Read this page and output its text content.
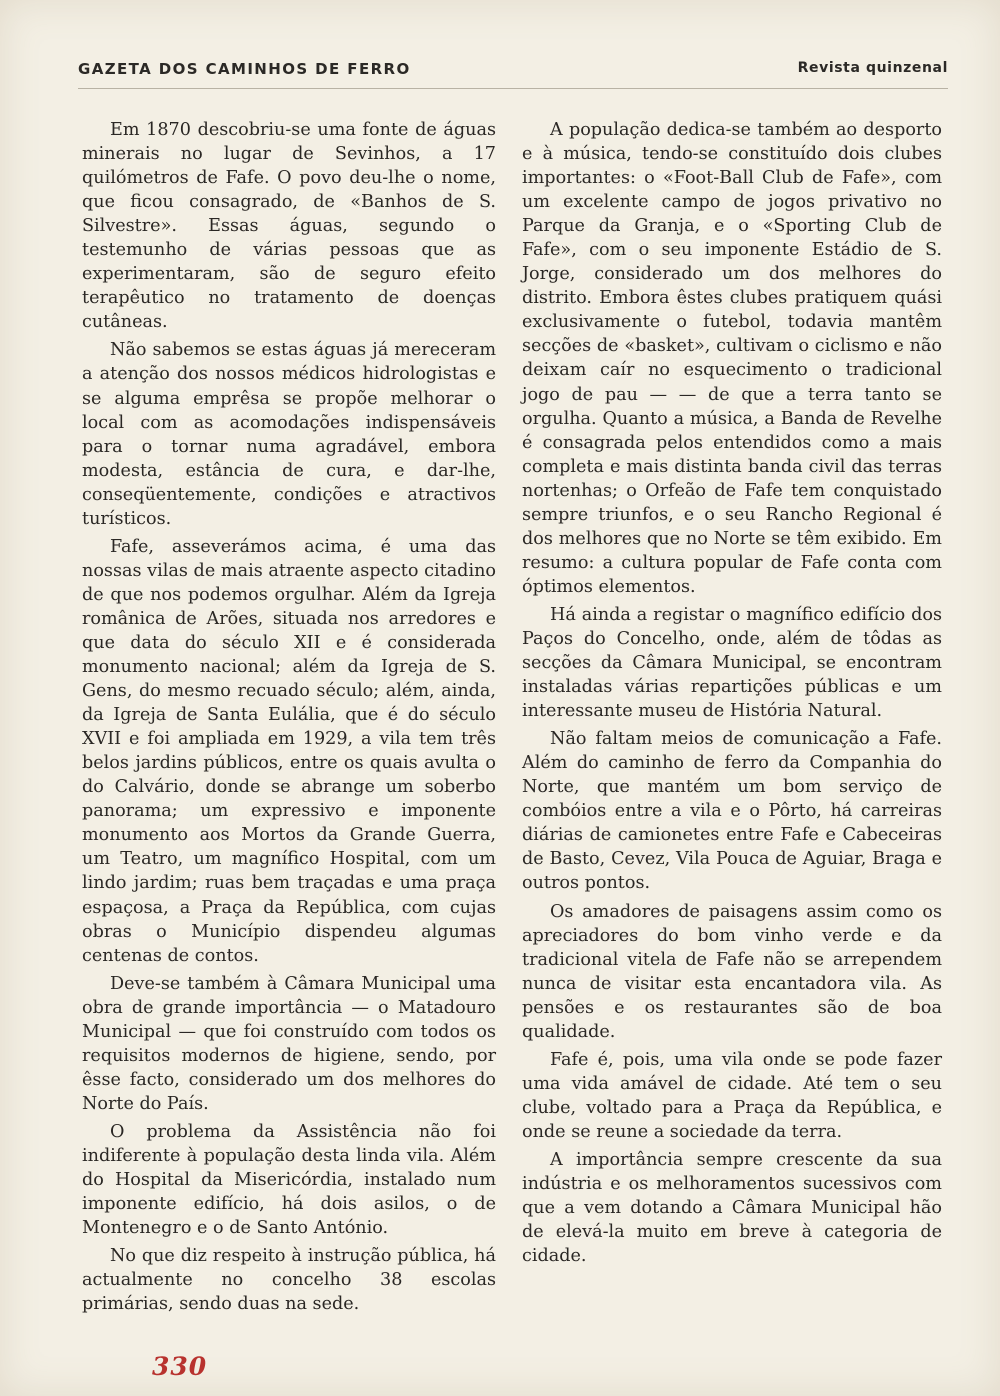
GAZETA DOS CAMINHOS DE FERRO	Revista quinzenal

Em 1870 descobriu-se uma fonte de águas minerais no lugar de Sevinhos, a 17 quilómetros de Fafe. O povo deu-lhe o nome, que ficou consagrado, de «Banhos de S. Silvestre». Essas águas, segundo o testemunho de várias pessoas que as experimentaram, são de seguro efeito terapêutico no tratamento de doenças cutâneas.

Não sabemos se estas águas já mereceram a atenção dos nossos médicos hidrologistas e se alguma emprêsa se propõe melhorar o local com as acomodações indispensáveis para o tornar numa agradável, embora modesta, estância de cura, e dar-lhe, conseqüentemente, condições e atractivos turísticos.

Fafe, asseverámos acima, é uma das nossas vilas de mais atraente aspecto citadino de que nos podemos orgulhar. Além da Igreja românica de Arões, situada nos arredores e que data do século XII e é considerada monumento nacional; além da Igreja de S. Gens, do mesmo recuado século; além, ainda, da Igreja de Santa Eulália, que é do século XVII e foi ampliada em 1929, a vila tem três belos jardins públicos, entre os quais avulta o do Calvário, donde se abrange um soberbo panorama; um expressivo e imponente monumento aos Mortos da Grande Guerra, um Teatro, um magnífico Hospital, com um lindo jardim; ruas bem traçadas e uma praça espaçosa, a Praça da República, com cujas obras o Município dispendeu algumas centenas de contos.

Deve-se também à Câmara Municipal uma obra de grande importância — o Matadouro Municipal — que foi construído com todos os requisitos modernos de higiene, sendo, por êsse facto, considerado um dos melhores do Norte do País.

O problema da Assistência não foi indiferente à população desta linda vila. Além do Hospital da Misericórdia, instalado num imponente edifício, há dois asilos, o de Montenegro e o de Santo António.

No que diz respeito à instrução pública, há actualmente no concelho 38 escolas primárias, sendo duas na sede.

A população dedica-se também ao desporto e à música, tendo-se constituído dois clubes importantes: o «Foot-Ball Club de Fafe», com um excelente campo de jogos privativo no Parque da Granja, e o «Sporting Club de Fafe», com o seu imponente Estádio de S. Jorge, considerado um dos melhores do distrito. Embora êstes clubes pratiquem quási exclusivamente o futebol, todavia mantêm secções de «basket», cultivam o ciclismo e não deixam caír no esquecimento o tradicional jogo de pau — — de que a terra tanto se orgulha. Quanto a música, a Banda de Revelhe é consagrada pelos entendidos como a mais completa e mais distinta banda civil das terras nortenhas; o Orfeão de Fafe tem conquistado sempre triunfos, e o seu Rancho Regional é dos melhores que no Norte se têm exibido. Em resumo: a cultura popular de Fafe conta com óptimos elementos.

Há ainda a registar o magnífico edifício dos Paços do Concelho, onde, além de tôdas as secções da Câmara Municipal, se encontram instaladas várias repartições públicas e um interessante museu de História Natural.

Não faltam meios de comunicação a Fafe. Além do caminho de ferro da Companhia do Norte, que mantém um bom serviço de combóios entre a vila e o Pôrto, há carreiras diárias de camionetes entre Fafe e Cabeceiras de Basto, Cevez, Vila Pouca de Aguiar, Braga e outros pontos.

Os amadores de paisagens assim como os apreciadores do bom vinho verde e da tradicional vitela de Fafe não se arrependem nunca de visitar esta encantadora vila. As pensões e os restaurantes são de boa qualidade.

Fafe é, pois, uma vila onde se pode fazer uma vida amável de cidade. Até tem o seu clube, voltado para a Praça da República, e onde se reune a sociedade da terra.

A importância sempre crescente da sua indústria e os melhoramentos sucessivos com que a vem dotando a Câmara Municipal hão de elevá-la muito em breve à categoria de cidade.

330
